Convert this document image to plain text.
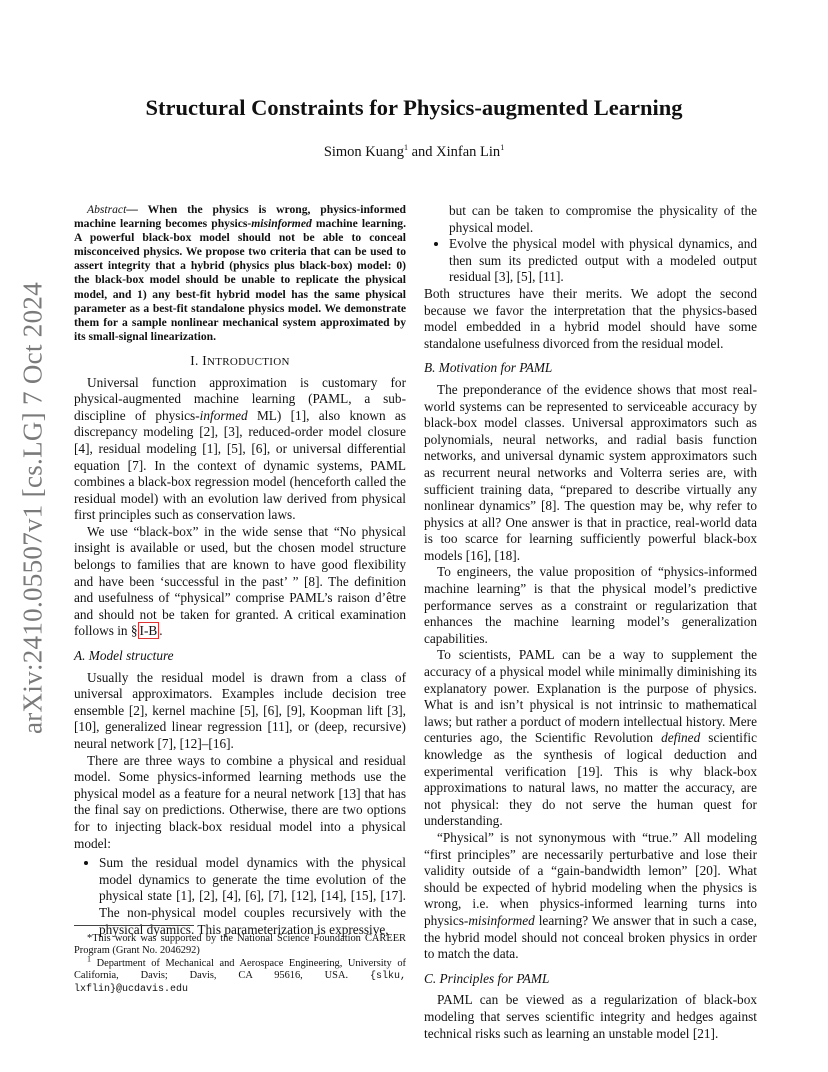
arXiv:2410.05507v1 [cs.LG] 7 Oct 2024
Structural Constraints for Physics-augmented Learning
Simon Kuang$^1$ and Xinfan Lin$^1$

Abstract— When the physics is wrong, physics-informed machine learning becomes physics-misinformed machine learning. A powerful black-box model should not be able to conceal misconceived physics. We propose two criteria that can be used to assert integrity that a hybrid (physics plus black-box) model: 0) the black-box model should be unable to replicate the physical model, and 1) any best-fit hybrid model has the same physical parameter as a best-fit standalone physics model. We demonstrate them for a sample nonlinear mechanical system approximated by its small-signal linearization.

I. INTRODUCTION

Universal function approximation is customary for physical-augmented machine learning (PAML, a sub-discipline of physics-informed ML) [1], also known as discrepancy modeling [2], [3], reduced-order model closure [4], residual modeling [1], [5], [6], or universal differential equation [7]. In the context of dynamic systems, PAML combines a black-box regression model (henceforth called the residual model) with an evolution law derived from physical first principles such as conservation laws.

We use “black-box” in the wide sense that “No physical insight is available or used, but the chosen model structure belongs to families that are known to have good flexibility and have been ‘successful in the past’ ” [8]. The definition and usefulness of “physical” comprise PAML’s raison d’être and should not be taken for granted. A critical examination follows in § I-B .

A. Model structure

Usually the residual model is drawn from a class of universal approximators. Examples include decision tree ensemble [2], kernel machine [5], [6], [9], Koopman lift [3], [10], generalized linear regression [11], or (deep, recursive) neural network [7], [12]–[16].

There are three ways to combine a physical and residual model. Some physics-informed learning methods use the physical model as a feature for a neural network [13] that has the final say on predictions. Otherwise, there are two options for to injecting black-box residual model into a physical model:

• Sum the residual model dynamics with the physical model dynamics to generate the time evolution of the physical state [1], [2], [4], [6], [7], [12], [14], [15], [17]. The non-physical model couples recursively with the physical dyamics. This parameterization is expressive,

*This work was supported by the National Science Foundation CAREER Program (Grant No. 2046292)

$^1$ Department of Mechanical and Aerospace Engineering, University of California, Davis; Davis, CA 95616, USA. {slku, lxflin}@ucdavis.edu

but can be taken to compromise the physicality of the physical model.

• Evolve the physical model with physical dynamics, and then sum its predicted output with a modeled output residual [3], [5], [11].

Both structures have their merits. We adopt the second because we favor the interpretation that the physics-based model embedded in a hybrid model should have some standalone usefulness divorced from the residual model.

B. Motivation for PAML

The preponderance of the evidence shows that most real-world systems can be represented to serviceable accuracy by black-box model classes. Universal approximators such as polynomials, neural networks, and radial basis function networks, and universal dynamic system approximators such as recurrent neural networks and Volterra series are, with sufficient training data, “prepared to describe virtually any nonlinear dynamics” [8]. The question may be, why refer to physics at all? One answer is that in practice, real-world data is too scarce for learning sufficiently powerful black-box models [16], [18].

To engineers, the value proposition of “physics-informed machine learning” is that the physical model’s predictive performance serves as a constraint or regularization that enhances the machine learning model’s generalization capabilities.

To scientists, PAML can be a way to supplement the accuracy of a physical model while minimally diminishing its explanatory power. Explanation is the purpose of physics. What is and isn’t physical is not intrinsic to mathematical laws; but rather a porduct of modern intellectual history. Mere centuries ago, the Scientific Revolution defined scientific knowledge as the synthesis of logical deduction and experimental verification [19]. This is why black-box approximations to natural laws, no matter the accuracy, are not physical: they do not serve the human quest for understanding.

“Physical” is not synonymous with “true.” All modeling “first principles” are necessarily perturbative and lose their validity outside of a “gain-bandwidth lemon” [20]. What should be expected of hybrid modeling when the physics is wrong, i.e. when physics-informed learning turns into physics-misinformed learning? We answer that in such a case, the hybrid model should not conceal broken physics in order to match the data.

C. Principles for PAML

PAML can be viewed as a regularization of black-box modeling that serves scientific integrity and hedges against technical risks such as learning an unstable model [21].
